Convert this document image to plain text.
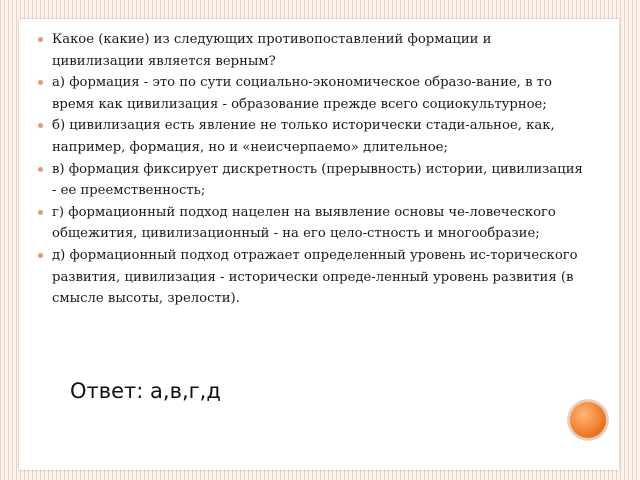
Какое (какие) из следующих противопоставлений формации и цивилизации является верным?
а) формация - это по сути социально-экономическое образо-вание, в то время как цивилизация - образование прежде всего социокультурное;
б) цивилизация есть явление не только исторически стади-альное, как, например, формация, но и «неисчерпаемо» длительное;
в) формация фиксирует дискретность (прерывность) истории, цивилизация - ее преемственность;
г) формационный подход нацелен на выявление основы че-ловеческого общежития, цивилизационный - на его цело-стность и многообразие;
д) формационный подход отражает определенный уровень ис-торического развития, цивилизация - исторически опреде-ленный уровень развития (в смысле высоты, зрелости).
Ответ: а,в,г,д
